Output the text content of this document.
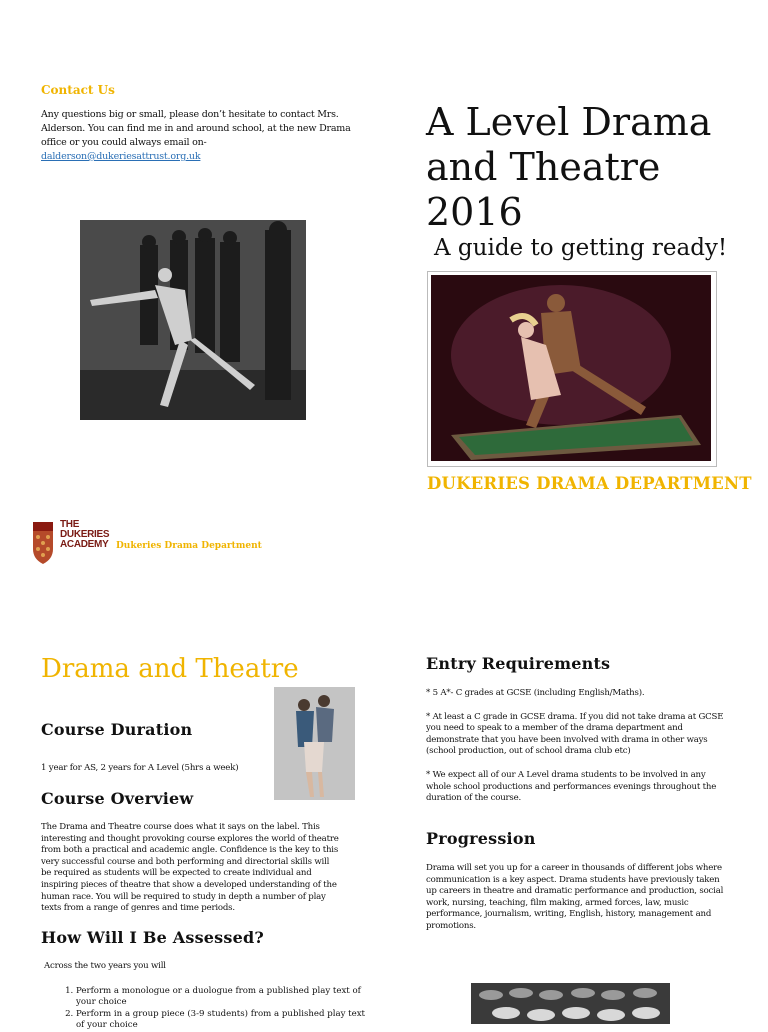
Contact Us
Any questions big or small, please don’t hesitate to contact Mrs. Alderson. You can find me in and around school, at the new Drama office or you could always email on-
dalderson@dukeriesattrust.org.uk
THE
DUKERIES
ACADEMY Dukeries Drama Department
A Level Drama
and Theatre
2016
A guide to getting ready!
DUKERIES DRAMA DEPARTMENT
Drama and Theatre
Course Duration
1 year for AS, 2 years for A Level (5hrs a week)
Course Overview
The Drama and Theatre course does what it says on the label. This interesting and thought provoking course explores the world of theatre from both a practical and academic angle. Confidence is the key to this very successful course and both performing and directorial skills will be required as students will be expected to create individual and inspiring pieces of theatre that show a developed understanding of the human race. You will be required to study in depth a number of play texts from a range of genres and time periods.
How Will I Be Assessed?
Across the two years you will
1. Perform a monologue or a duologue from a published play text of your choice
2. Perform in a group piece (3-9 students) from a published play text of your choice
Entry Requirements

* 5 A*- C grades at GCSE (including English/Maths).

* At least a C grade in GCSE drama. If you did not take drama at GCSE you need to speak to a member of the drama department and demonstrate that you have been involved with drama in other ways (school production, out of school drama club etc)

* We expect all of our A Level drama students to be involved in any whole school productions and performances evenings throughout the duration of the course.

Progression
Drama will set you up for a career in thousands of different jobs where communication is a key aspect. Drama students have previously taken up careers in theatre and dramatic performance and production, social work, nursing, teaching, film making, armed forces, law, music performance, journalism, writing, English, history, management and promotions.
